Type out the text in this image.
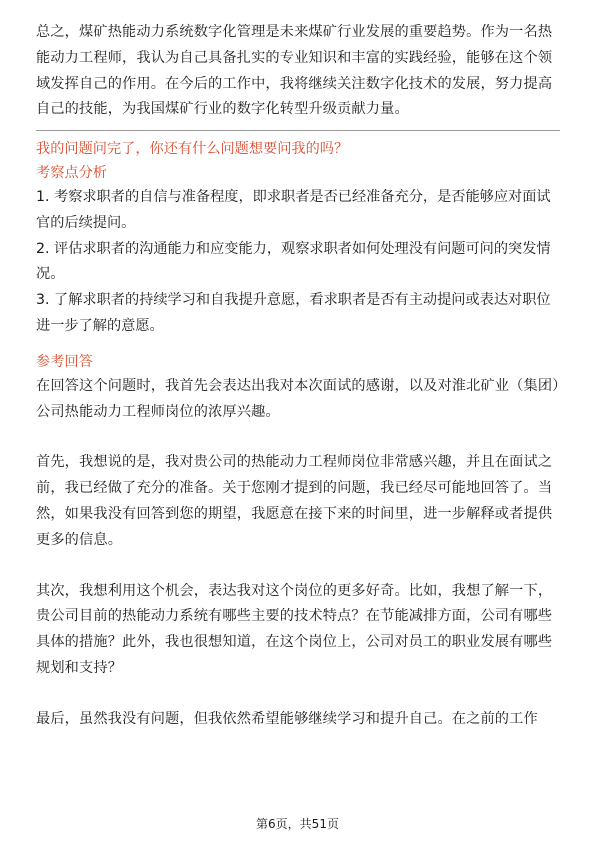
总之，煤矿热能动力系统数字化管理是未来煤矿行业发展的重要趋势。作为一名热能动力工程师，我认为自己具备扎实的专业知识和丰富的实践经验，能够在这个领域发挥自己的作用。在今后的工作中，我将继续关注数字化技术的发展，努力提高自己的技能，为我国煤矿行业的数字化转型升级贡献力量。

我的问题问完了，你还有什么问题想要问我的吗？

考察点分析

1. 考察求职者的自信与准备程度，即求职者是否已经准备充分，是否能够应对面试官的后续提问。

2. 评估求职者的沟通能力和应变能力，观察求职者如何处理没有问题可问的突发情况。

3. 了解求职者的持续学习和自我提升意愿，看求职者是否有主动提问或表达对职位进一步了解的意愿。

参考回答

在回答这个问题时，我首先会表达出我对本次面试的感谢，以及对淮北矿业（集团）公司热能动力工程师岗位的浓厚兴趣。

首先，我想说的是，我对贵公司的热能动力工程师岗位非常感兴趣，并且在面试之前，我已经做了充分的准备。关于您刚才提到的问题，我已经尽可能地回答了。当然，如果我没有回答到您的期望，我愿意在接下来的时间里，进一步解释或者提供更多的信息。

其次，我想利用这个机会，表达我对这个岗位的更多好奇。比如，我想了解一下，贵公司目前的热能动力系统有哪些主要的技术特点？在节能减排方面，公司有哪些具体的措施？此外，我也很想知道，在这个岗位上，公司对员工的职业发展有哪些规划和支持？

最后，虽然我没有问题，但我依然希望能够继续学习和提升自己。在之前的工作

第6页，共51页
